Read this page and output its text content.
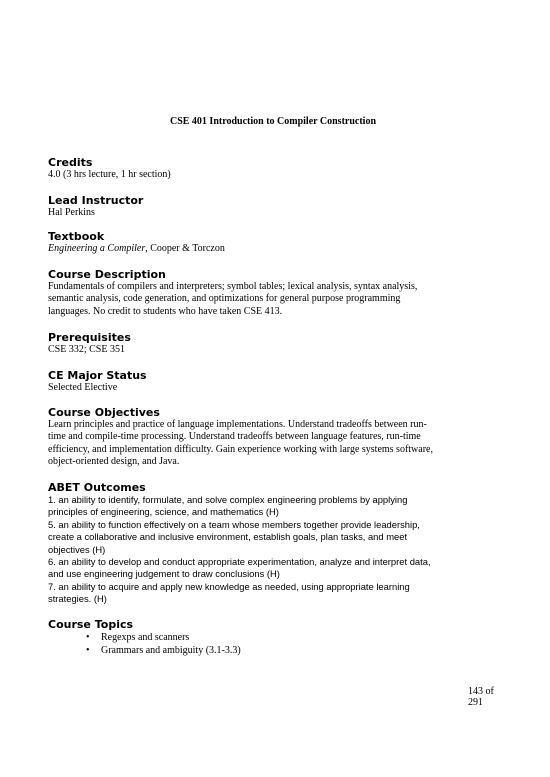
CSE 401 Introduction to Compiler Construction
Credits
4.0 (3 hrs lecture, 1 hr section)
Lead Instructor
Hal Perkins
Textbook
Engineering a Compiler, Cooper & Torczon
Course Description
Fundamentals of compilers and interpreters; symbol tables; lexical analysis, syntax analysis,
semantic analysis, code generation, and optimizations for general purpose programming
languages. No credit to students who have taken CSE 413.
Prerequisites
CSE 332; CSE 351
CE Major Status
Selected Elective
Course Objectives
Learn principles and practice of language implementations. Understand tradeoffs between run-
time and compile-time processing. Understand tradeoffs between language features, run-time
efficiency, and implementation difficulty. Gain experience working with large systems software,
object-oriented design, and Java.
ABET Outcomes
1. an ability to identify, formulate, and solve complex engineering problems by applying
principles of engineering, science, and mathematics (H)
5. an ability to function effectively on a team whose members together provide leadership,
create a collaborative and inclusive environment, establish goals, plan tasks, and meet
objectives (H)
6. an ability to develop and conduct appropriate experimentation, analyze and interpret data,
and use engineering judgement to draw conclusions (H)
7. an ability to acquire and apply new knowledge as needed, using appropriate learning
strategies. (H)
Course Topics
• Regexps and scanners
• Grammars and ambiguity (3.1-3.3)
143 of 291
